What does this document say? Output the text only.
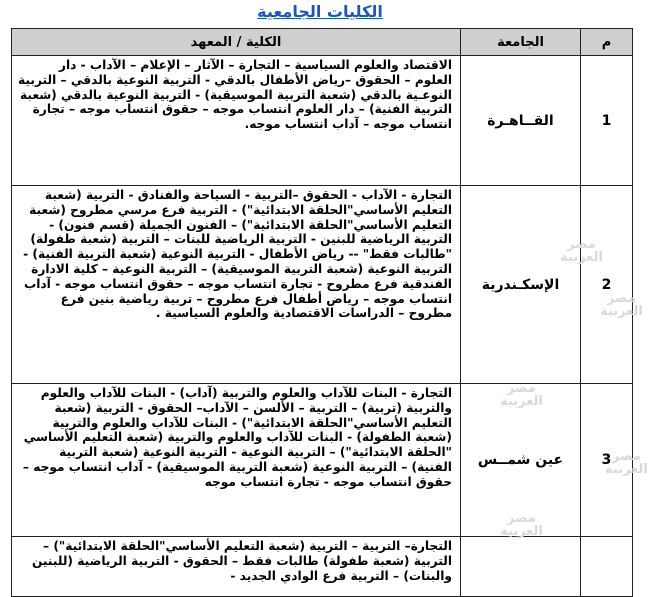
الكليات الجامعية
م	الجامعة	الكلية / المعهد
1	القــاهـرة	الاقتصاد والعلوم السياسية – التجارة – الآثار – الإعلام – الآداب - دار العلوم – الحقوق –رياض الأطفال بالدقي - التربية النوعية بالدقي – التربية النوعـية بالدقي (شعبة التربية الموسيقية) - التربية النوعية بالدقي (شعبة التربية الفنية) – دار العلوم انتساب موجه – حقوق انتساب موجه – تجارة انتساب موجه – آداب انتساب موجه.
2	الإسكـندرية	التجارة - الآداب - الحقوق –التربية - السياحة والفنادق - التربية (شعبة التعليم الأساسي"الحلقة الابتدائية") - التربية فرع مرسي مطروح (شعبة التعليم الأساسي"الحلقة الابتدائية") – الفنون الجميلة (قسم فنون) - التربية الرياضية للبنين - التربية الرياضية للبنات – التربية (شعبة طفولة) "طالبات فقط" -- رياض الأطفال - التربية النوعية (شعبة التربية الفنية) - التربية النوعية (شعبة التربية الموسيقية) – التربية النوعية – كلية الادارة الفندقية فرع مطروح - تجارة انتساب موجه – حقوق انتساب موجه - آداب انتساب موجه – رياض أطفال فرع مطروح – تربية رياضية بنين فرع مطروح – الدراسات الاقتصادية والعلوم السياسية .
3	عين شمــس	التجارة - البنات للآداب والعلوم والتربية (آداب) - البنات للآداب والعلوم والتربية (تربية) – التربية – الألسن – الآداب– الحقوق - التربية (شعبة التعليم الأساسي"الحلقة الابتدائية") - البنات للآداب والعلوم والتربية (شعبة الطفولة) - البنات للآداب والعلوم والتربية (شعبة التعليم الأساسي "الحلقة الابتدائية") – التربية النوعية - التربية النوعية (شعبة التربية الفنية) – التربية النوعية (شعبة التربية الموسيقية) - آداب انتساب موجه – حقوق انتساب موجه - تجارة انتساب موجه
		التجارة– التربية – التربية (شعبة التعليم الأساسي"الحلقة الابتدائية") – التربية (شعبة طفولة) طالبات فقط – الحقوق - التربية الرياضية (للبنين والبنات) – التربية فرع الوادي الجديد -
مصر
العربية
مصر
العربية
مصر
العربية
مصر
العربية
مصر
العربية
